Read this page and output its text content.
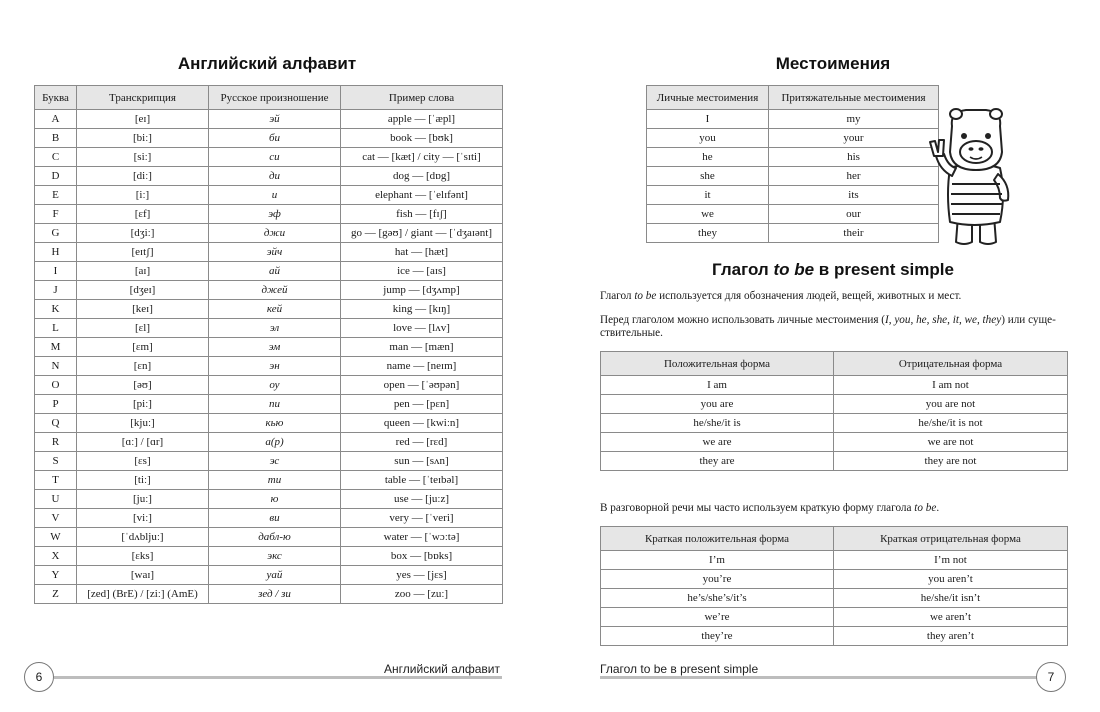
Английский алфавит
Буква	Транскрипция	Русское произношение	Пример слова
A	[eɪ]	эй	apple — [ˈæpl]
B	[biː]	би	book — [bʊk]
C	[siː]	си	cat — [kæt] / city — [ˈsɪti]
D	[diː]	ди	dog — [dɒg]
E	[iː]	и	elephant — [ˈelɪfənt]
F	[ɛf]	эф	fish — [fɪʃ]
G	[dʒiː]	джи	go — [gəʊ] / giant — [ˈdʒaɪənt]
H	[eɪtʃ]	эйч	hat — [hæt]
I	[aɪ]	ай	ice — [aɪs]
J	[dʒeɪ]	джей	jump — [dʒʌmp]
K	[keɪ]	кей	king — [kɪŋ]
L	[ɛl]	эл	love — [lʌv]
M	[ɛm]	эм	man — [mæn]
N	[ɛn]	эн	name — [neɪm]
O	[əʊ]	оу	open — [ˈəʊpən]
P	[piː]	пи	pen — [pɛn]
Q	[kjuː]	кью	queen — [kwiːn]
R	[ɑː] / [ɑr]	а(р)	red — [rɛd]
S	[ɛs]	эс	sun — [sʌn]
T	[tiː]	ти	table — [ˈteɪbəl]
U	[juː]	ю	use — [juːz]
V	[viː]	ви	very — [ˈveri]
W	[ˈdʌbljuː]	дабл-ю	water — [ˈwɔːtə]
X	[ɛks]	экс	box — [bɒks]
Y	[waɪ]	уай	yes — [jɛs]
Z	[zed] (BrE) / [ziː] (AmE)	зед / зи	zoo — [zuː]
6
Английский алфавит
Местоимения
Личные местоимения	Притяжательные местоимения
I	my
you	your
he	his
she	her
it	its
we	our
they	their
Глагол to be в present simple

Глагол to be используется для обозначения людей, вещей, животных и мест.

Перед глаголом можно использовать личные местоимения (I, you, he, she, it, we, they) или суще-ствительные.

Положительная форма	Отрицательная форма
I am	I am not
you are	you are not
he/she/it is	he/she/it is not
we are	we are not
they are	they are not

В разговорной речи мы часто используем краткую форму глагола to be.

Краткая положительная форма	Краткая отрицательная форма
I’m	I’m not
you’re	you aren’t
he’s/she’s/it’s	he/she/it isn’t
we’re	we aren’t
they’re	they aren’t
Глагол to be в present simple
7
